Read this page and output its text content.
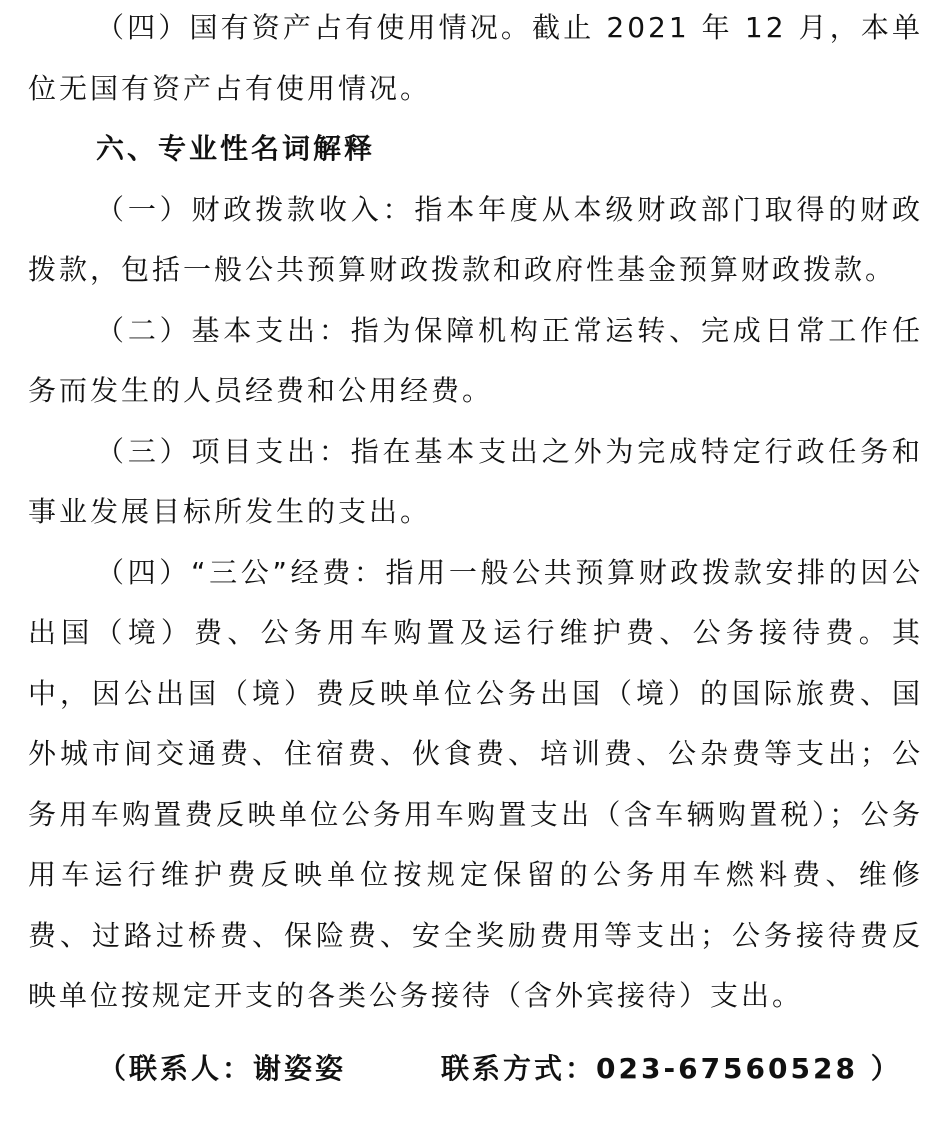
（四）国有资产占有使用情况。截止 2021 年 12 月，本单位无国有资产占有使用情况。

六、专业性名词解释

（一）财政拨款收入：指本年度从本级财政部门取得的财政拨款，包括一般公共预算财政拨款和政府性基金预算财政拨款。

（二）基本支出：指为保障机构正常运转、完成日常工作任务而发生的人员经费和公用经费。

（三）项目支出：指在基本支出之外为完成特定行政任务和事业发展目标所发生的支出。

（四）“三公”经费：指用一般公共预算财政拨款安排的因公出国（境）费、公务用车购置及运行维护费、公务接待费。其中，因公出国（境）费反映单位公务出国（境）的国际旅费、国外城市间交通费、住宿费、伙食费、培训费、公杂费等支出；公务用车购置费反映单位公务用车购置支出（含车辆购置税）；公务用车运行维护费反映单位按规定保留的公务用车燃料费、维修费、过路过桥费、保险费、安全奖励费用等支出；公务接待费反映单位按规定开支的各类公务接待（含外宾接待）支出。

（联系人：谢姿姿	联系方式：023-67560528 ）
